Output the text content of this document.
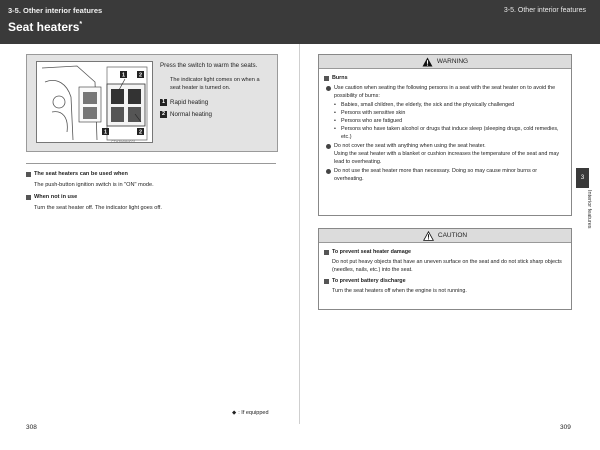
3-5. Other interior features
Seat heaters*
3-5. Other interior features
1	2
1	2
CTH3WMW021
Press the switch to warm the seats.
The indicator light comes on when a seat heater is turned on.
1 Rapid heating
2 Normal heating
The seat heaters can be used when
The push-button ignition switch is in "ON" mode.
When not in use
Turn the seat heater off. The indicator light goes off.
WARNING
Burns
Use caution when seating the following persons in a seat with the seat heater on to avoid the possibility of burns:
• Babies, small children, the elderly, the sick and the physically challenged
• Persons with sensitive skin
• Persons who are fatigued
• Persons who have taken alcohol or drugs that induce sleep (sleeping drugs, cold remedies, etc.)
Do not cover the seat with anything when using the seat heater.
Using the seat heater with a blanket or cushion increases the temperature of the seat and may lead to overheating.
Do not use the seat heater more than necessary. Doing so may cause minor burns or overheating.
CAUTION
To prevent seat heater damage
Do not put heavy objects that have an uneven surface on the seat and do not stick sharp objects (needles, nails, etc.) into the seat.
To prevent battery discharge
Turn the seat heaters off when the engine is not running.
3
Interior features
◆ : If equipped
308	309
